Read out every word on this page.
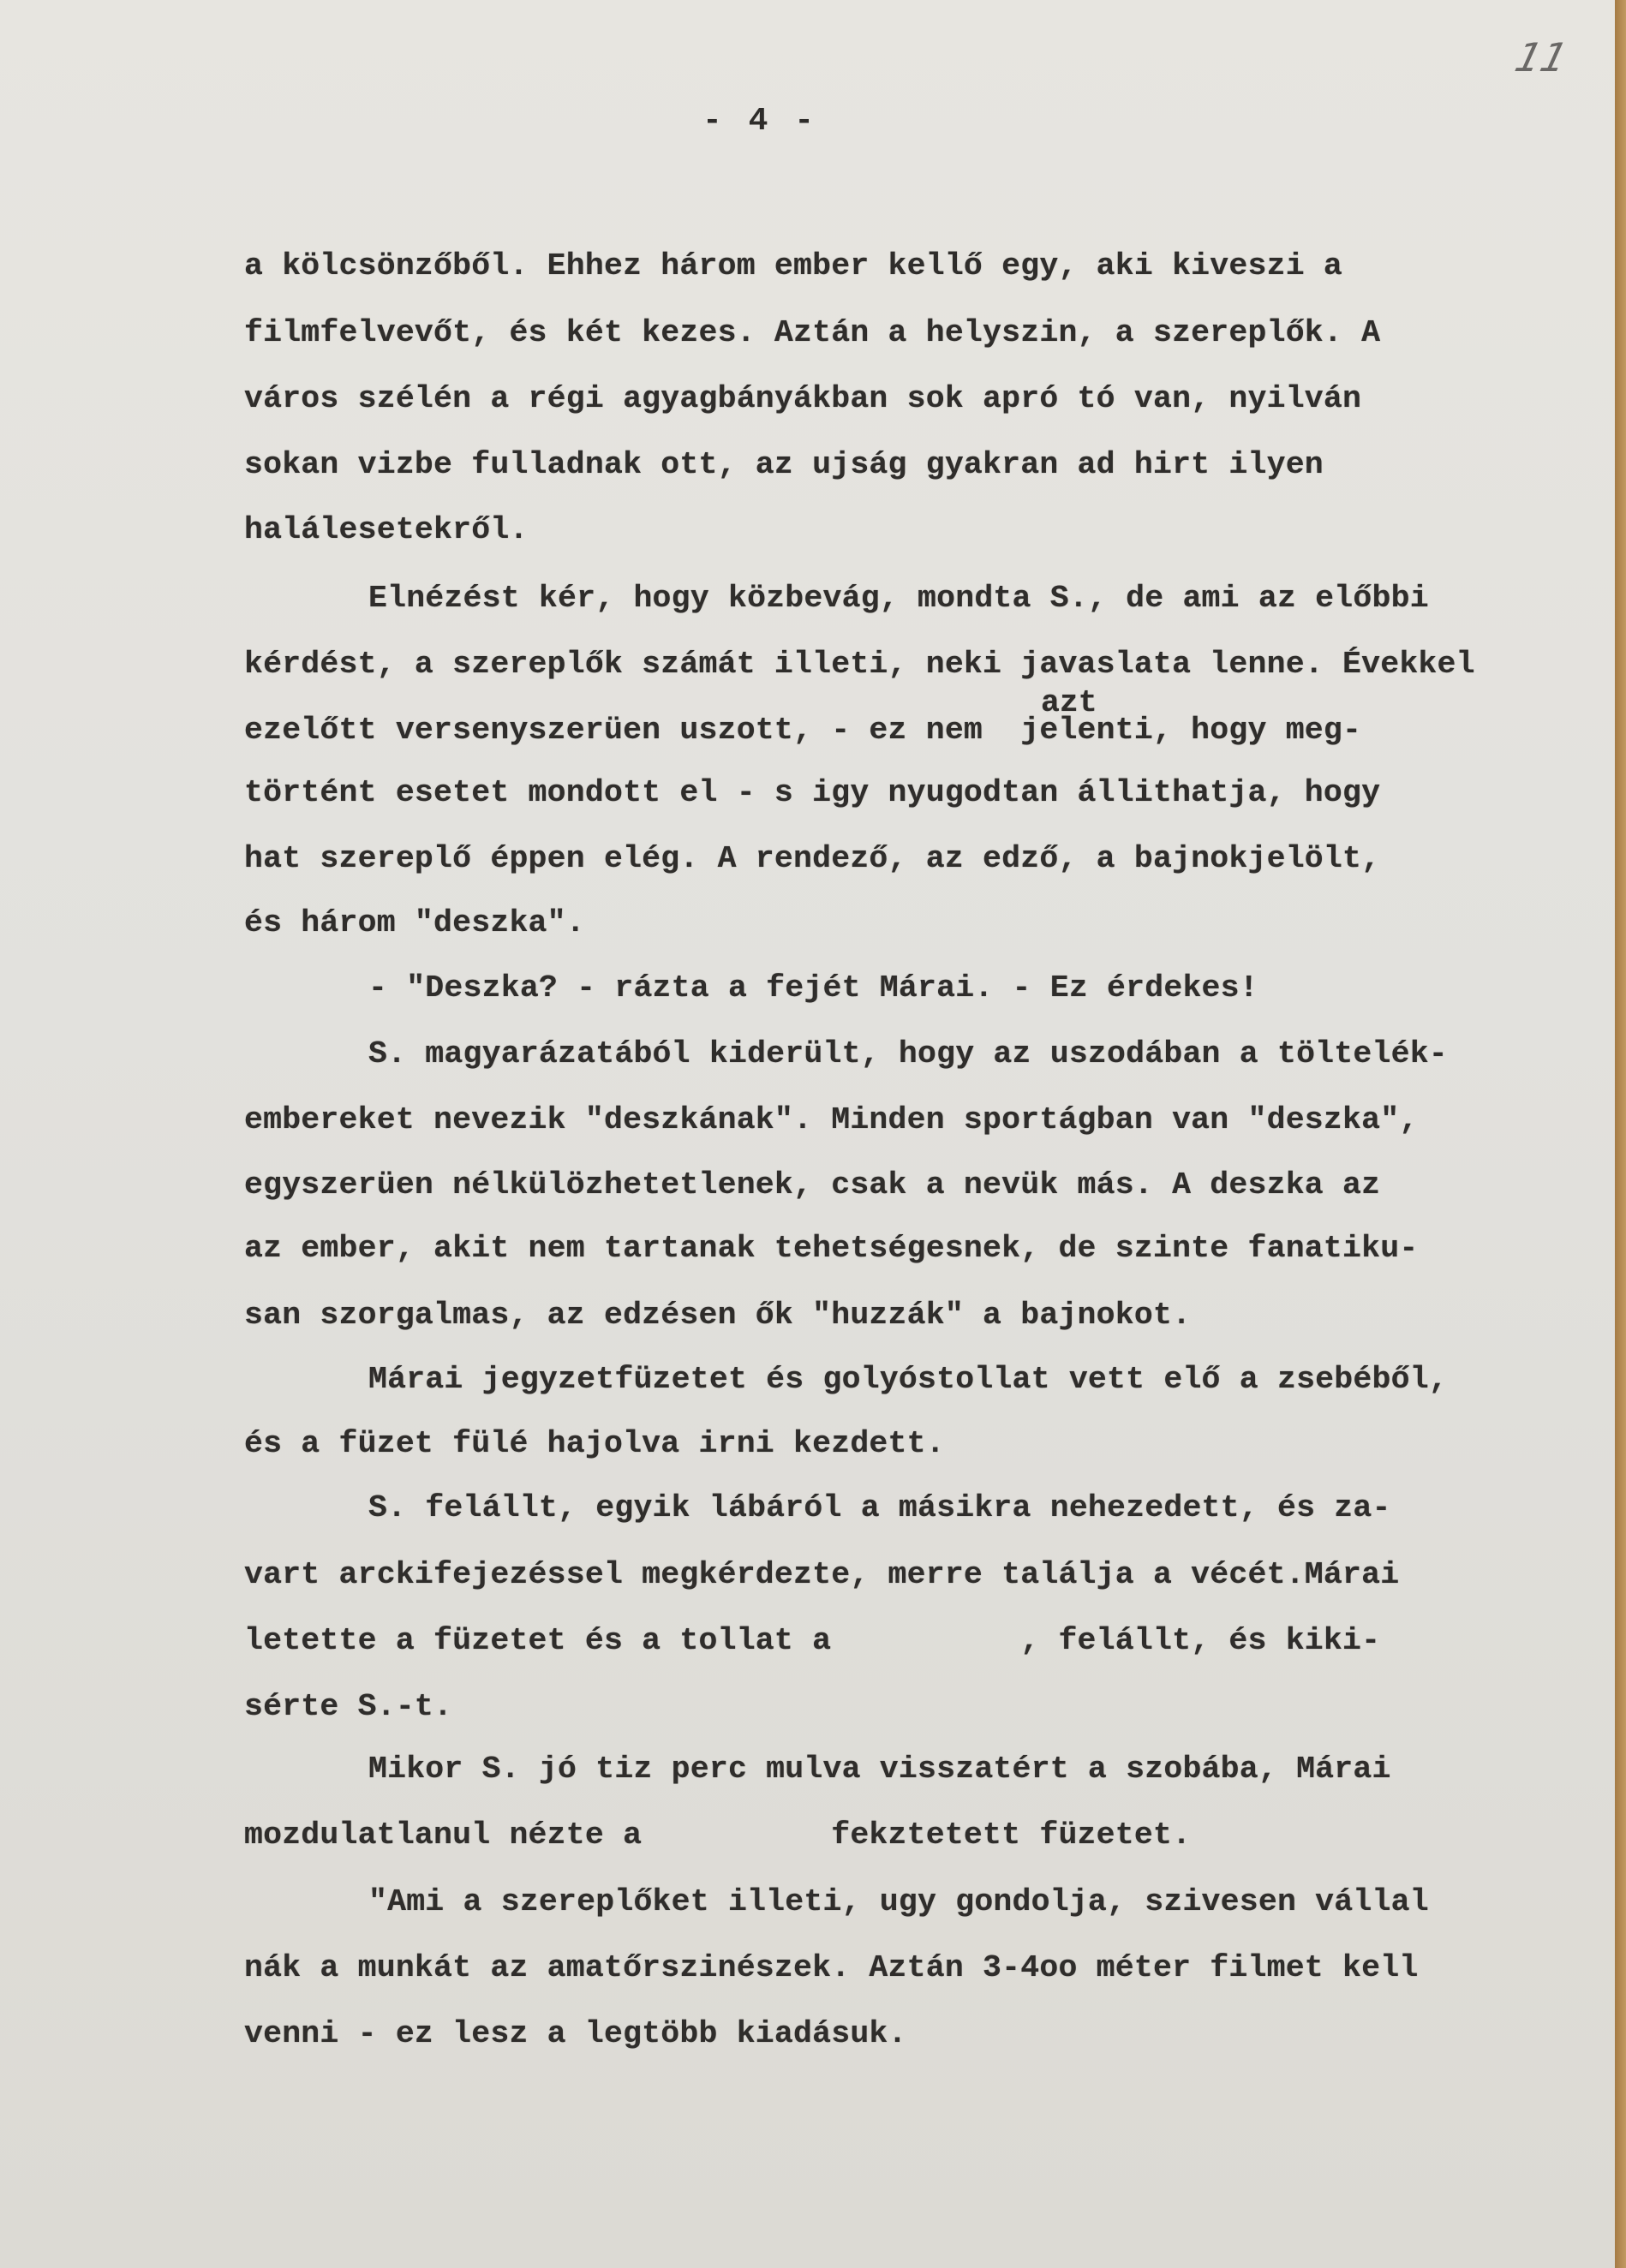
11
- 4 -
azt
a kölcsönzőből. Ehhez három ember kellő egy, aki kiveszi a
filmfelvevőt, és két kezes. Aztán a helyszin, a szereplők. A
város szélén a régi agyagbányákban sok apró tó van, nyilván
sokan vizbe fulladnak ott, az ujság gyakran ad hirt ilyen
halálesetekről.
Elnézést kér, hogy közbevág, mondta S., de ami az előbbi
kérdést, a szereplők számát illeti, neki javaslata lenne. Évekkel
ezelőtt versenyszerüen uszott, - ez nem  jelenti, hogy meg-
történt esetet mondott el - s igy nyugodtan állithatja, hogy
hat szereplő éppen elég. A rendező, az edző, a bajnokjelölt,
és három "deszka".
- "Deszka? - rázta a fejét Márai. - Ez érdekes!
S. magyarázatából kiderült, hogy az uszodában a töltelék-
embereket nevezik "deszkának". Minden sportágban van "deszka",
egyszerüen nélkülözhetetlenek, csak a nevük más. A deszka az
az ember, akit nem tartanak tehetségesnek, de szinte fanatiku-
san szorgalmas, az edzésen ők "huzzák" a bajnokot.
Márai jegyzetfüzetet és golyóstollat vett elő a zsebéből,
és a füzet fülé hajolva irni kezdett.
S. felállt, egyik lábáról a másikra nehezedett, és za-
vart arckifejezéssel megkérdezte, merre találja a vécét.Márai
letette a füzetet és a tollat a          , felállt, és kiki-
sérte S.-t.
Mikor S. jó tiz perc mulva visszatért a szobába, Márai
mozdulatlanul nézte a          fekztetett füzetet.
"Ami a szereplőket illeti, ugy gondolja, szivesen vállal
nák a munkát az amatőrszinészek. Aztán 3-4oo méter filmet kell
venni - ez lesz a legtöbb kiadásuk.
